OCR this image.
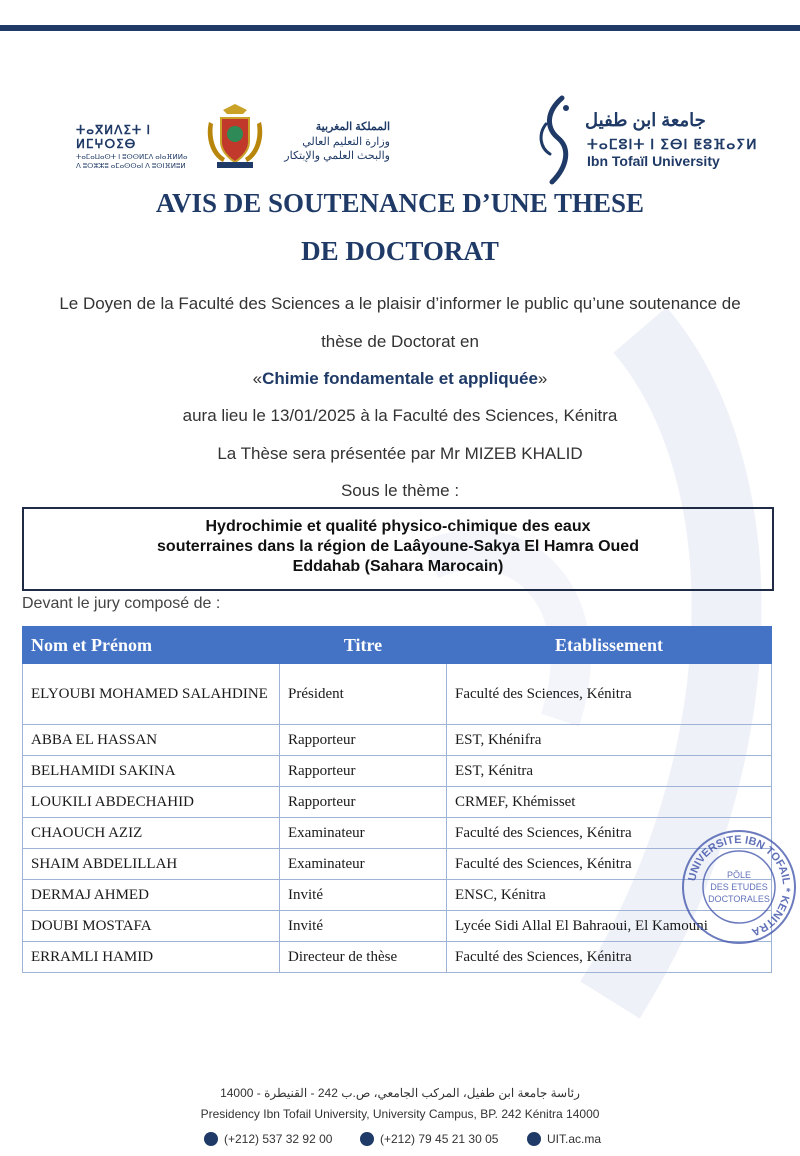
ⵜⴰⴳⵍⴷⵉⵜ ⵏ ⵍⵎⵖⵔⵉⴱ
ⵜⴰⵎⴰⵡⴰⵙⵜ ⵏ ⵓⵙⵙⵍⵎⴷ ⴰⵏⴰⴼⵍⵍⴰ
ⴷ ⵓⵔⵣⵣⵓ ⴰⵎⴰⵙⵙⴰⵏ ⴷ ⵓⵙⵏⴼⵍⵓⵍ
المملكة المغربية
وزارة التعليم العالي
والبحث العلمي والإبتكار
جامعة ابن طفيل
ⵜⴰⵎⵓⵏⵜ ⵏ ⵉⴱⵏ ⵟⵓⴼⴰⵢⵍ
Ibn Tofaïl University
AVIS DE SOUTENANCE D’UNE THESE
DE DOCTORAT
Le Doyen de la Faculté des Sciences a le plaisir d’informer le public qu’une soutenance de
thèse de Doctorat en
«Chimie fondamentale et appliquée»
aura lieu le 13/01/2025 à la Faculté des Sciences, Kénitra
La Thèse sera présentée par Mr MIZEB KHALID
Sous le thème :
Hydrochimie et qualité physico-chimique des eaux
souterraines dans la région de Laâyoune-Sakya El Hamra Oued
Eddahab (Sahara Marocain)
Devant le jury composé de :
Nom et Prénom	Titre	Etablissement
ELYOUBI MOHAMED SALAHDINE	Président	Faculté des Sciences, Kénitra
ABBA EL HASSAN	Rapporteur	EST, Khénifra
BELHAMIDI SAKINA	Rapporteur	EST, Kénitra
LOUKILI ABDECHAHID	Rapporteur	CRMEF, Khémisset
CHAOUCH AZIZ	Examinateur	Faculté des Sciences, Kénitra
SHAIM ABDELILLAH	Examinateur	Faculté des Sciences, Kénitra
DERMAJ AHMED	Invité	ENSC, Kénitra
DOUBI MOSTAFA	Invité	Lycée Sidi Allal El Bahraoui, El Kamouni
ERRAMLI HAMID	Directeur de thèse	Faculté des Sciences, Kénitra
UNIVERSITE IBN TOFAIL * KENITRA
PÔLE
DES ETUDES
DOCTORALES
رئاسة جامعة ابن طفيل، المركب الجامعي، ص.ب 242 - القنيطرة - 14000
Presidency Ibn Tofail University, University Campus, BP. 242 Kénitra 14000
(+212) 537 32 92 00	(+212) 79 45 21 30 05	UIT.ac.ma
